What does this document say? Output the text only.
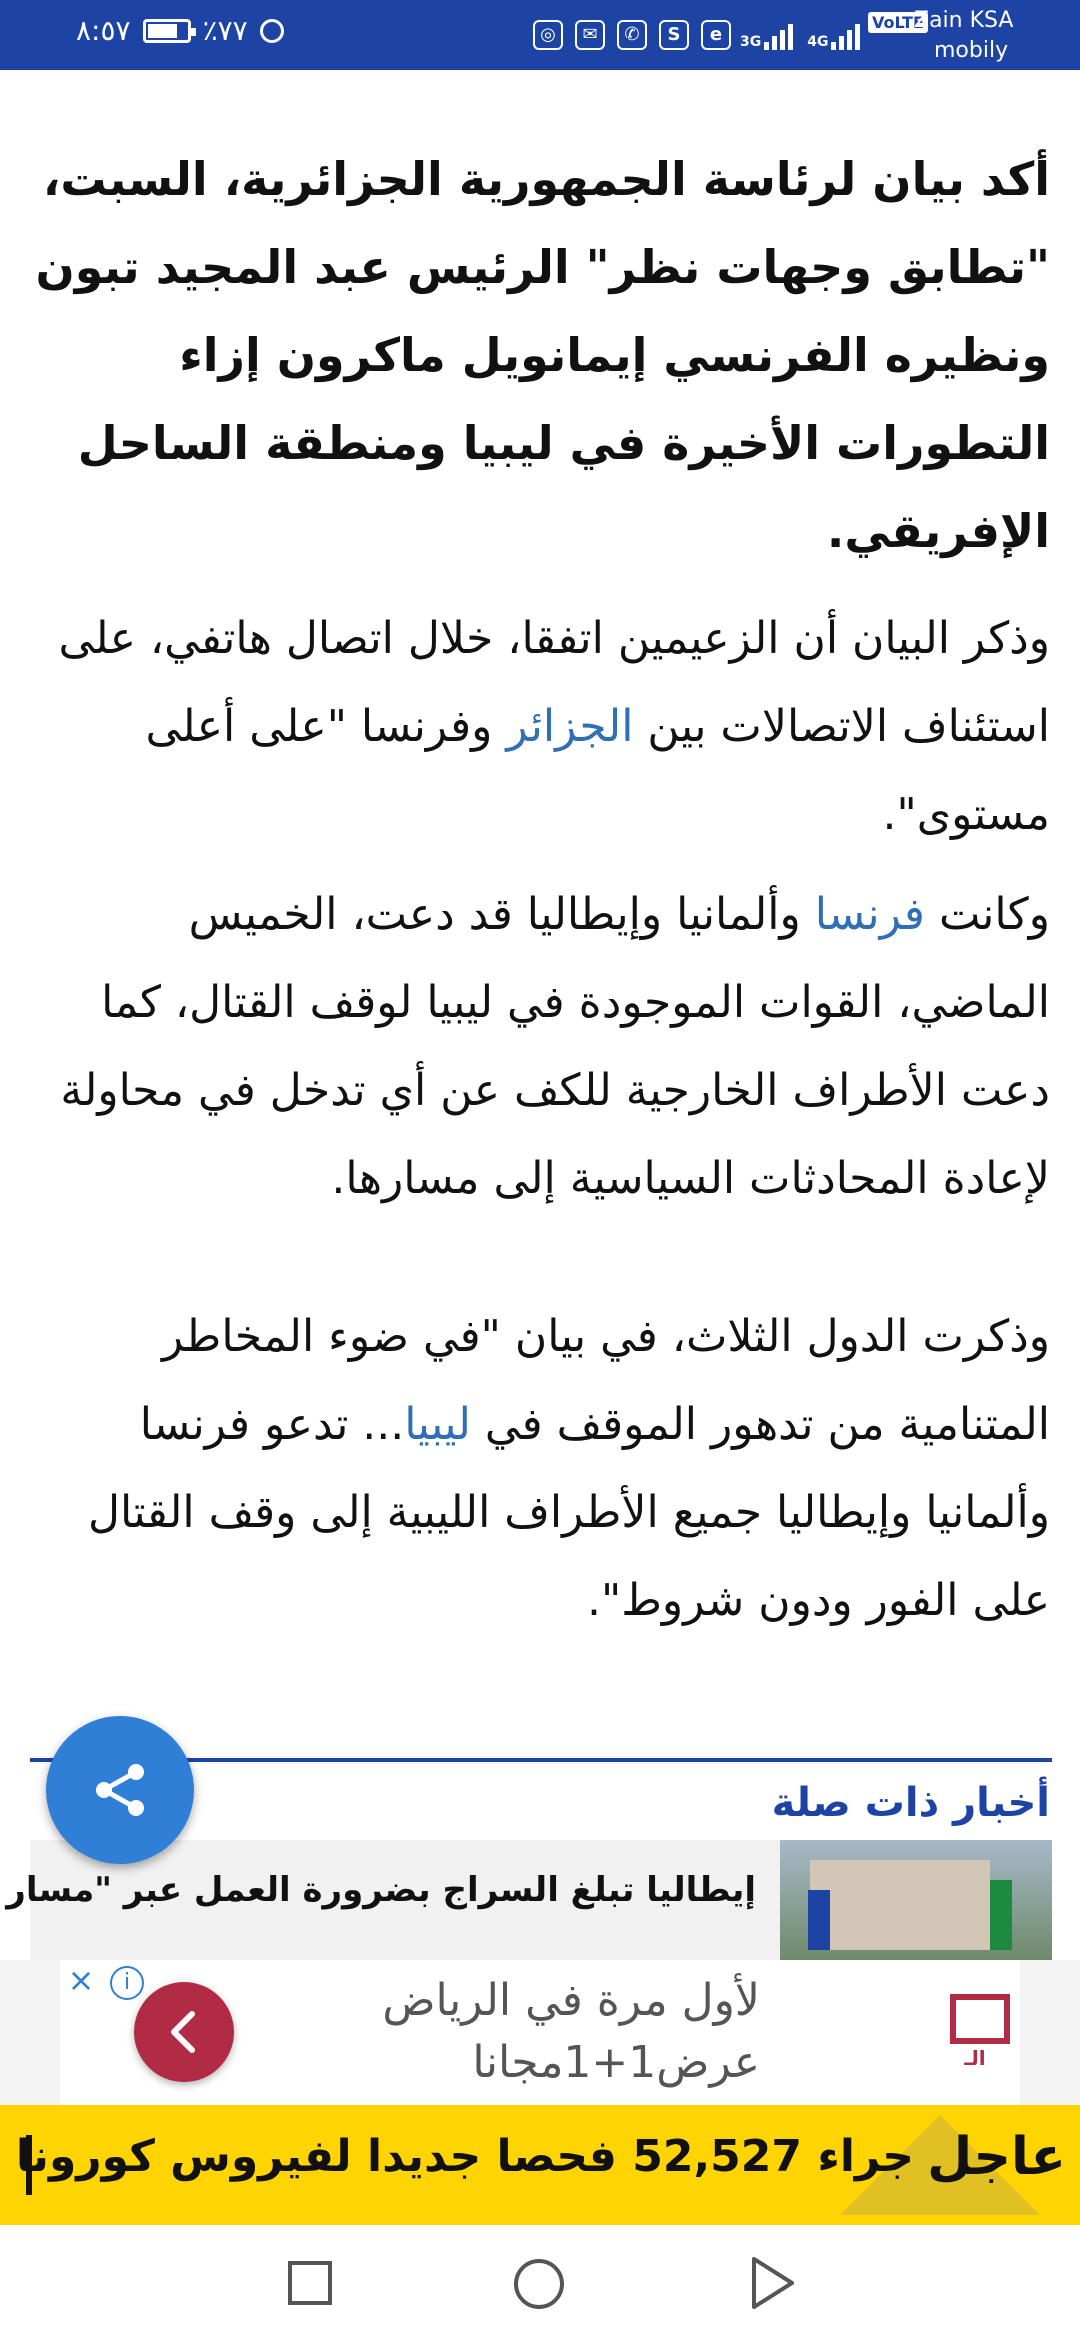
٨:٥٧	٪٧٧	◎	✉	✆	S	e	3G	4G
VoLTE
Zain KSA
mobily

أكد بيان لرئاسة الجمهورية الجزائرية، السبت، "تطابق وجهات نظر" الرئيس عبد المجيد تبون ونظيره الفرنسي إيمانويل ماكرون إزاء التطورات الأخيرة في ليبيا ومنطقة الساحل الإفريقي.

وذكر البيان أن الزعيمين اتفقا، خلال اتصال هاتفي، على استئناف الاتصالات بين الجزائر وفرنسا "على أعلى مستوى".

وكانت فرنسا وألمانيا وإيطاليا قد دعت، الخميس الماضي، القوات الموجودة في ليبيا لوقف القتال، كما دعت الأطراف الخارجية للكف عن أي تدخل في محاولة لإعادة المحادثات السياسية إلى مسارها.

وذكرت الدول الثلاث، في بيان "في ضوء المخاطر المتنامية من تدهور الموقف في ليبيا... تدعو فرنسا وألمانيا وإيطاليا جميع الأطراف الليبية إلى وقف القتال على الفور ودون شروط".

أخبار ذات صلة
إيطاليا تبلغ السراج بضرورة العمل عبر "مسار
لأول مرة في الرياض
عرض1+1مجانا	الـ
×	i
جراء 52,527 فحصا جديدا لفيروس كورونا عاجل
